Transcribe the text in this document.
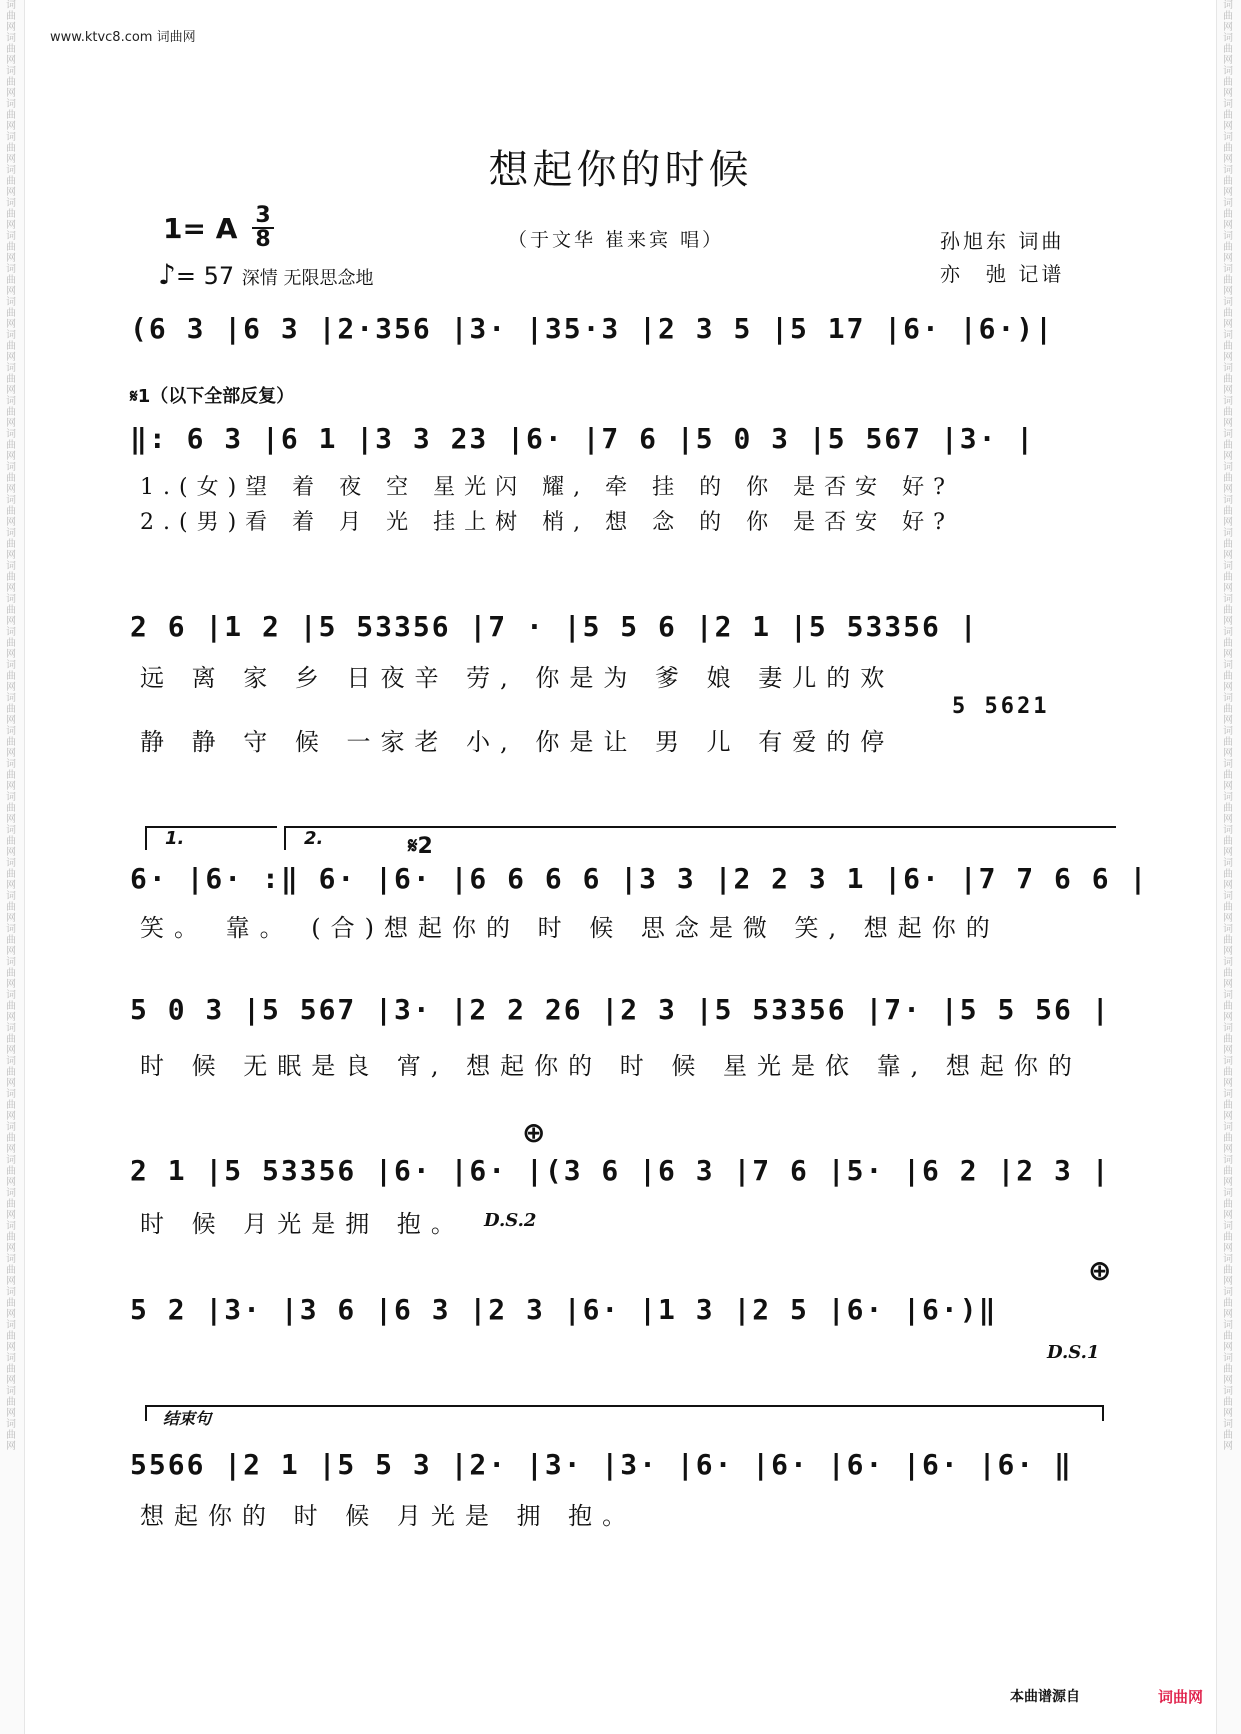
词曲网词曲网词曲网词曲网词曲网词曲网词曲网词曲网词曲网词曲网词曲网词曲网词曲网词曲网词曲网词曲网词曲网词曲网词曲网词曲网词曲网词曲网词曲网词曲网词曲网词曲网词曲网词曲网词曲网词曲网词曲网词曲网词曲网词曲网词曲网词曲网词曲网词曲网词曲网词曲网词曲网词曲网词曲网词曲网
词曲网词曲网词曲网词曲网词曲网词曲网词曲网词曲网词曲网词曲网词曲网词曲网词曲网词曲网词曲网词曲网词曲网词曲网词曲网词曲网词曲网词曲网词曲网词曲网词曲网词曲网词曲网词曲网词曲网词曲网词曲网词曲网词曲网词曲网词曲网词曲网词曲网词曲网词曲网词曲网词曲网词曲网词曲网词曲网
www.ktvc8.com 词曲网
想起你的时候
1= A 3
8
♪= 57 深情 无限思念地
（于文华 崔来宾 唱）	孙旭东 词曲
亦　弛 记谱
(6 3 |6 3 |2·356 |3· |35·3 |2 3 5 |5 17 |6· |6·)|
𝄋1（以下全部反复）
‖: 6 3 |6 1 |3 3 23 |6· |7 6 |5 0 3 |5 567 |3· |
1.(女)望 着 夜 空 星光闪 耀, 牵 挂 的 你 是否安 好?
2.(男)看 着 月 光 挂上树 梢, 想 念 的 你 是否安 好?
2 6 |1 2 |5 53356 |7 · |5 5 6 |2 1 |5 53356 |
远 离 家 乡 日夜辛 劳, 你是为 爹 娘 妻儿的欢
5 5621
静 静 守 候 一家老 小, 你是让 男 儿 有爱的停
1.	2.	𝄋2
6· |6· :‖ 6· |6· |6 6 6 6 |3 3 |2 2 3 1 |6· |7 7 6 6 |
笑。 靠。 (合)想起你的 时 候 思念是微 笑, 想起你的
5 0 3 |5 567 |3· |2 2 26 |2 3 |5 53356 |7· |5 5 56 |
时 候 无眠是良 宵, 想起你的 时 候 星光是依 靠, 想起你的
⊕
2 1 |5 53356 |6· |6· |(3 6 |6 3 |7 6 |5· |6 2 |2 3 |
时 候 月光是拥 抱。	D.S.2
⊕
5 2 |3· |3 6 |6 3 |2 3 |6· |1 3 |2 5 |6· |6·)‖
D.S.1
结束句
5566 |2 1 |5 5 3 |2· |3· |3· |6· |6· |6· |6· |6· ‖
想起你的 时 候 月光是 拥 抱。
本曲谱源自	词曲网
